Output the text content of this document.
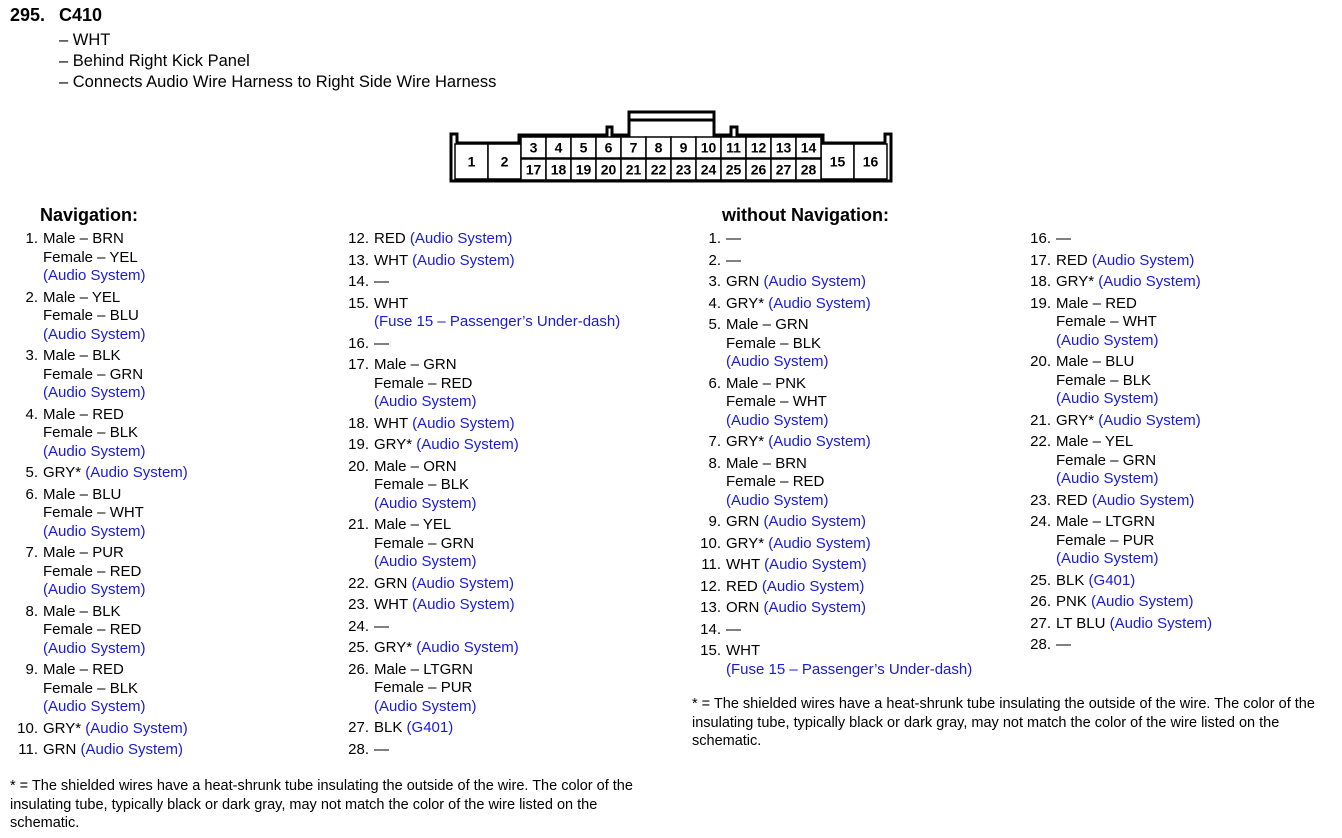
295. C410
– WHT
– Behind Right Kick Panel
– Connects Audio Wire Harness to Right Side Wire Harness
1 2	15 16
3 4 5 6 7 8 9 10 11 12 13 14
17 18 19 20 21 22 23 24 25 26 27 28
Navigation:
1. Male – BRN
Female – YEL
(Audio System)
2. Male – YEL
Female – BLU
(Audio System)
3. Male – BLK
Female – GRN
(Audio System)
4. Male – RED
Female – BLK
(Audio System)
5. GRY* (Audio System)
6. Male – BLU
Female – WHT
(Audio System)
7. Male – PUR
Female – RED
(Audio System)
8. Male – BLK
Female – RED
(Audio System)
9. Male – RED
Female – BLK
(Audio System)
10. GRY* (Audio System)
11. GRN (Audio System)
12. RED (Audio System)
13. WHT (Audio System)
14. —
15. WHT
(Fuse 15 – Passenger’s Under-dash)
16. —
17. Male – GRN
Female – RED
(Audio System)
18. WHT (Audio System)
19. GRY* (Audio System)
20. Male – ORN
Female – BLK
(Audio System)
21. Male – YEL
Female – GRN
(Audio System)
22. GRN (Audio System)
23. WHT (Audio System)
24. —
25. GRY* (Audio System)
26. Male – LTGRN
Female – PUR
(Audio System)
27. BLK (G401)
28. —
* = The shielded wires have a heat-shrunk tube insulating the outside of the wire. The color of the insulating tube, typically black or dark gray, may not match the color of the wire listed on the schematic.
without Navigation:
1. —
2. —
3. GRN (Audio System)
4. GRY* (Audio System)
5. Male – GRN
Female – BLK
(Audio System)
6. Male – PNK
Female – WHT
(Audio System)
7. GRY* (Audio System)
8. Male – BRN
Female – RED
(Audio System)
9. GRN (Audio System)
10. GRY* (Audio System)
11. WHT (Audio System)
12. RED (Audio System)
13. ORN (Audio System)
14. —
15. WHT
(Fuse 15 – Passenger’s Under-dash)
16. —
17. RED (Audio System)
18. GRY* (Audio System)
19. Male – RED
Female – WHT
(Audio System)
20. Male – BLU
Female – BLK
(Audio System)
21. GRY* (Audio System)
22. Male – YEL
Female – GRN
(Audio System)
23. RED (Audio System)
24. Male – LTGRN
Female – PUR
(Audio System)
25. BLK (G401)
26. PNK (Audio System)
27. LT BLU (Audio System)
28. —
* = The shielded wires have a heat-shrunk tube insulating the outside of the wire. The color of the insulating tube, typically black or dark gray, may not match the color of the wire listed on the schematic.
